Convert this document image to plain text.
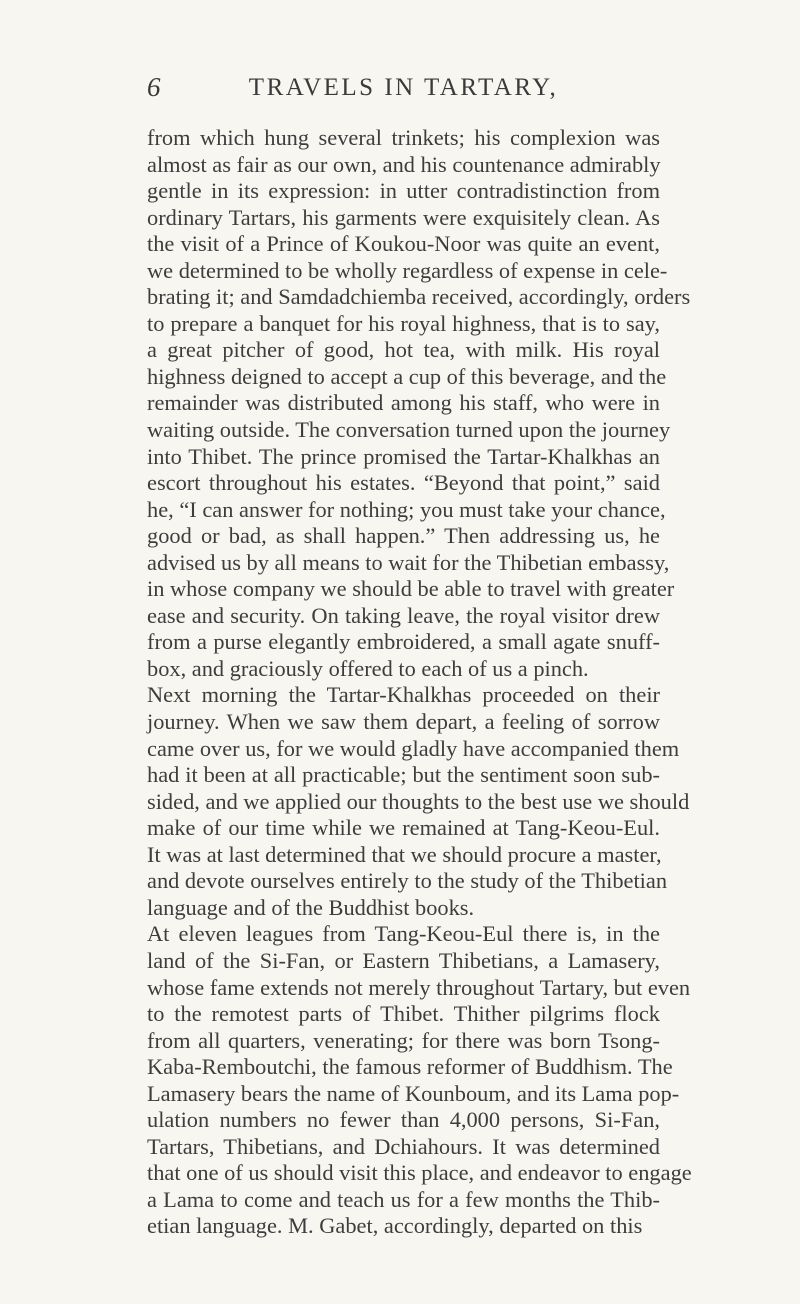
6	TRAVELS IN TARTARY,
from which hung several trinkets; his complexion was
almost as fair as our own, and his countenance admirably
gentle in its expression: in utter contradistinction from
ordinary Tartars, his garments were exquisitely clean. As
the visit of a Prince of Koukou-Noor was quite an event,
we determined to be wholly regardless of expense in cele-
brating it; and Samdadchiemba received, accordingly, orders
to prepare a banquet for his royal highness, that is to say,
a great pitcher of good, hot tea, with milk. His royal
highness deigned to accept a cup of this beverage, and the
remainder was distributed among his staff, who were in
waiting outside. The conversation turned upon the journey
into Thibet. The prince promised the Tartar-Khalkhas an
escort throughout his estates. “Beyond that point,” said
he, “I can answer for nothing; you must take your chance,
good or bad, as shall happen.” Then addressing us, he
advised us by all means to wait for the Thibetian embassy,
in whose company we should be able to travel with greater
ease and security. On taking leave, the royal visitor drew
from a purse elegantly embroidered, a small agate snuff-
box, and graciously offered to each of us a pinch.
Next morning the Tartar-Khalkhas proceeded on their
journey. When we saw them depart, a feeling of sorrow
came over us, for we would gladly have accompanied them
had it been at all practicable; but the sentiment soon sub-
sided, and we applied our thoughts to the best use we should
make of our time while we remained at Tang-Keou-Eul.
It was at last determined that we should procure a master,
and devote ourselves entirely to the study of the Thibetian
language and of the Buddhist books.
At eleven leagues from Tang-Keou-Eul there is, in the
land of the Si-Fan, or Eastern Thibetians, a Lamasery,
whose fame extends not merely throughout Tartary, but even
to the remotest parts of Thibet. Thither pilgrims flock
from all quarters, venerating; for there was born Tsong-
Kaba-Remboutchi, the famous reformer of Buddhism. The
Lamasery bears the name of Kounboum, and its Lama pop-
ulation numbers no fewer than 4,000 persons, Si-Fan,
Tartars, Thibetians, and Dchiahours. It was determined
that one of us should visit this place, and endeavor to engage
a Lama to come and teach us for a few months the Thib-
etian language. M. Gabet, accordingly, departed on this
